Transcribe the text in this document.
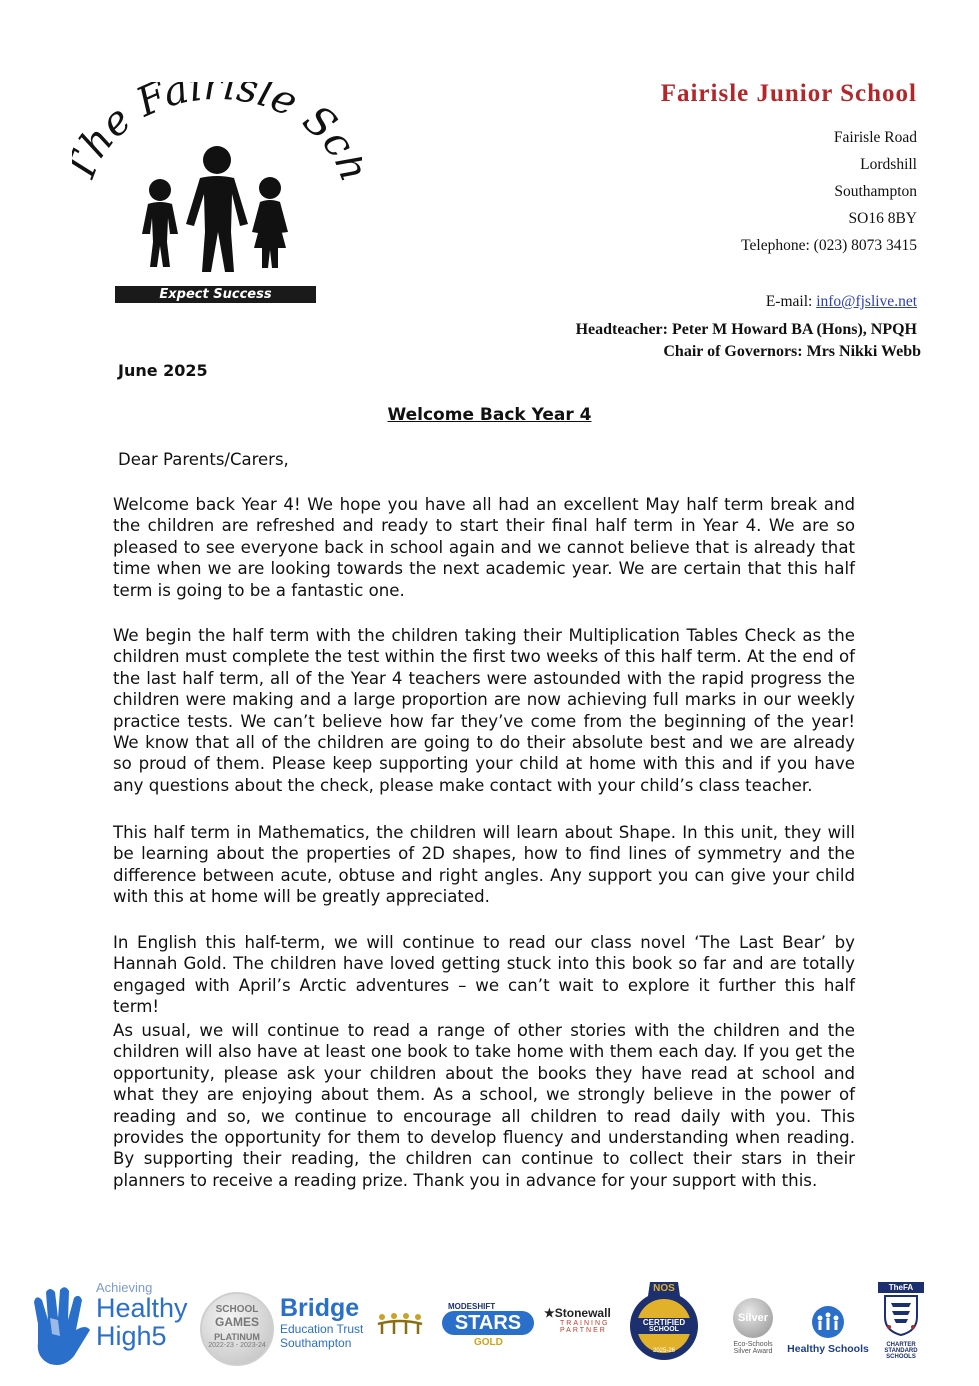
he Fairisle Sc
Expect Success
Fairisle Junior School
Fairisle Road
Lordshill
Southampton
SO16 8BY
Telephone: (023) 8073 3415
E-mail: info@fjslive.net
Headteacher: Peter M Howard BA (Hons), NPQH
Chair of Governors: Mrs Nikki Webb
June 2025
Welcome Back Year 4
Dear Parents/Carers,
Welcome back Year 4! We hope you have all had an excellent May half term break and the children are refreshed and ready to start their final half term in Year 4. We are so pleased to see everyone back in school again and we cannot believe that is already that time when we are looking towards the next academic year. We are certain that this half term is going to be a fantastic one.
We begin the half term with the children taking their Multiplication Tables Check as the children must complete the test within the first two weeks of this half term. At the end of the last half term, all of the Year 4 teachers were astounded with the rapid progress the children were making and a large proportion are now achieving full marks in our weekly practice tests. We can’t believe how far they’ve come from the beginning of the year! We know that all of the children are going to do their absolute best and we are already so proud of them. Please keep supporting your child at home with this and if you have any questions about the check, please make contact with your child’s class teacher.
This half term in Mathematics, the children will learn about Shape. In this unit, they will be learning about the properties of 2D shapes, how to find lines of symmetry and the difference between acute, obtuse and right angles. Any support you can give your child with this at home will be greatly appreciated.
In English this half-term, we will continue to read our class novel ‘The Last Bear’ by Hannah Gold. The children have loved getting stuck into this book so far and are totally engaged with April’s Arctic adventures – we can’t wait to explore it further this half term!
As usual, we will continue to read a range of other stories with the children and the children will also have at least one book to take home with them each day. If you get the opportunity, please ask your children about the books they have read at school and what they are enjoying about them. As a school, we strongly believe in the power of reading and so, we continue to encourage all children to read daily with you. This provides the opportunity for them to develop fluency and understanding when reading. By supporting their reading, the children can continue to collect their stars in their planners to receive a reading prize. Thank you in advance for your support with this.
Achieving
Healthy
High5
SCHOOL
GAMES
PLATINUM
2022-23 - 2023-24
Bridge
Education Trust
Southampton
MODESHIFT
STARS
GOLD
★Stonewall
TRAINING
PARTNER
NOS
CERTIFIED
SCHOOL
2025-26
Silver
Eco-Schools
Silver Award	Healthy Schools
TheFA
CHARTER
STANDARD
SCHOOLS
